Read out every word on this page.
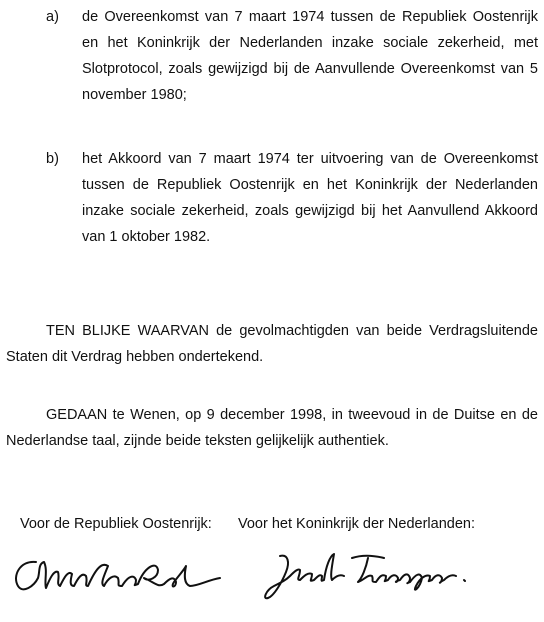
a) de Overeenkomst van 7 maart 1974 tussen de Republiek Oostenrijk en het Koninkrijk der Nederlanden inzake sociale zekerheid, met Slotprotocol, zoals gewijzigd bij de Aanvullende Overeenkomst van 5 november 1980;
b) het Akkoord van 7 maart 1974 ter uitvoering van de Overeenkomst tussen de Republiek Oostenrijk en het Koninkrijk der Nederlanden inzake sociale zekerheid, zoals gewijzigd bij het Aanvullend Akkoord van 1 oktober 1982.
TEN BLIJKE WAARVAN de gevolmachtigden van beide Verdragsluitende Staten dit Verdrag hebben ondertekend.
GEDAAN te Wenen, op 9 december 1998, in tweevoud in de Duitse en de Nederlandse taal, zijnde beide teksten gelijkelijk authentiek.
Voor de Republiek Oostenrijk: Voor het Koninkrijk der Nederlanden:
